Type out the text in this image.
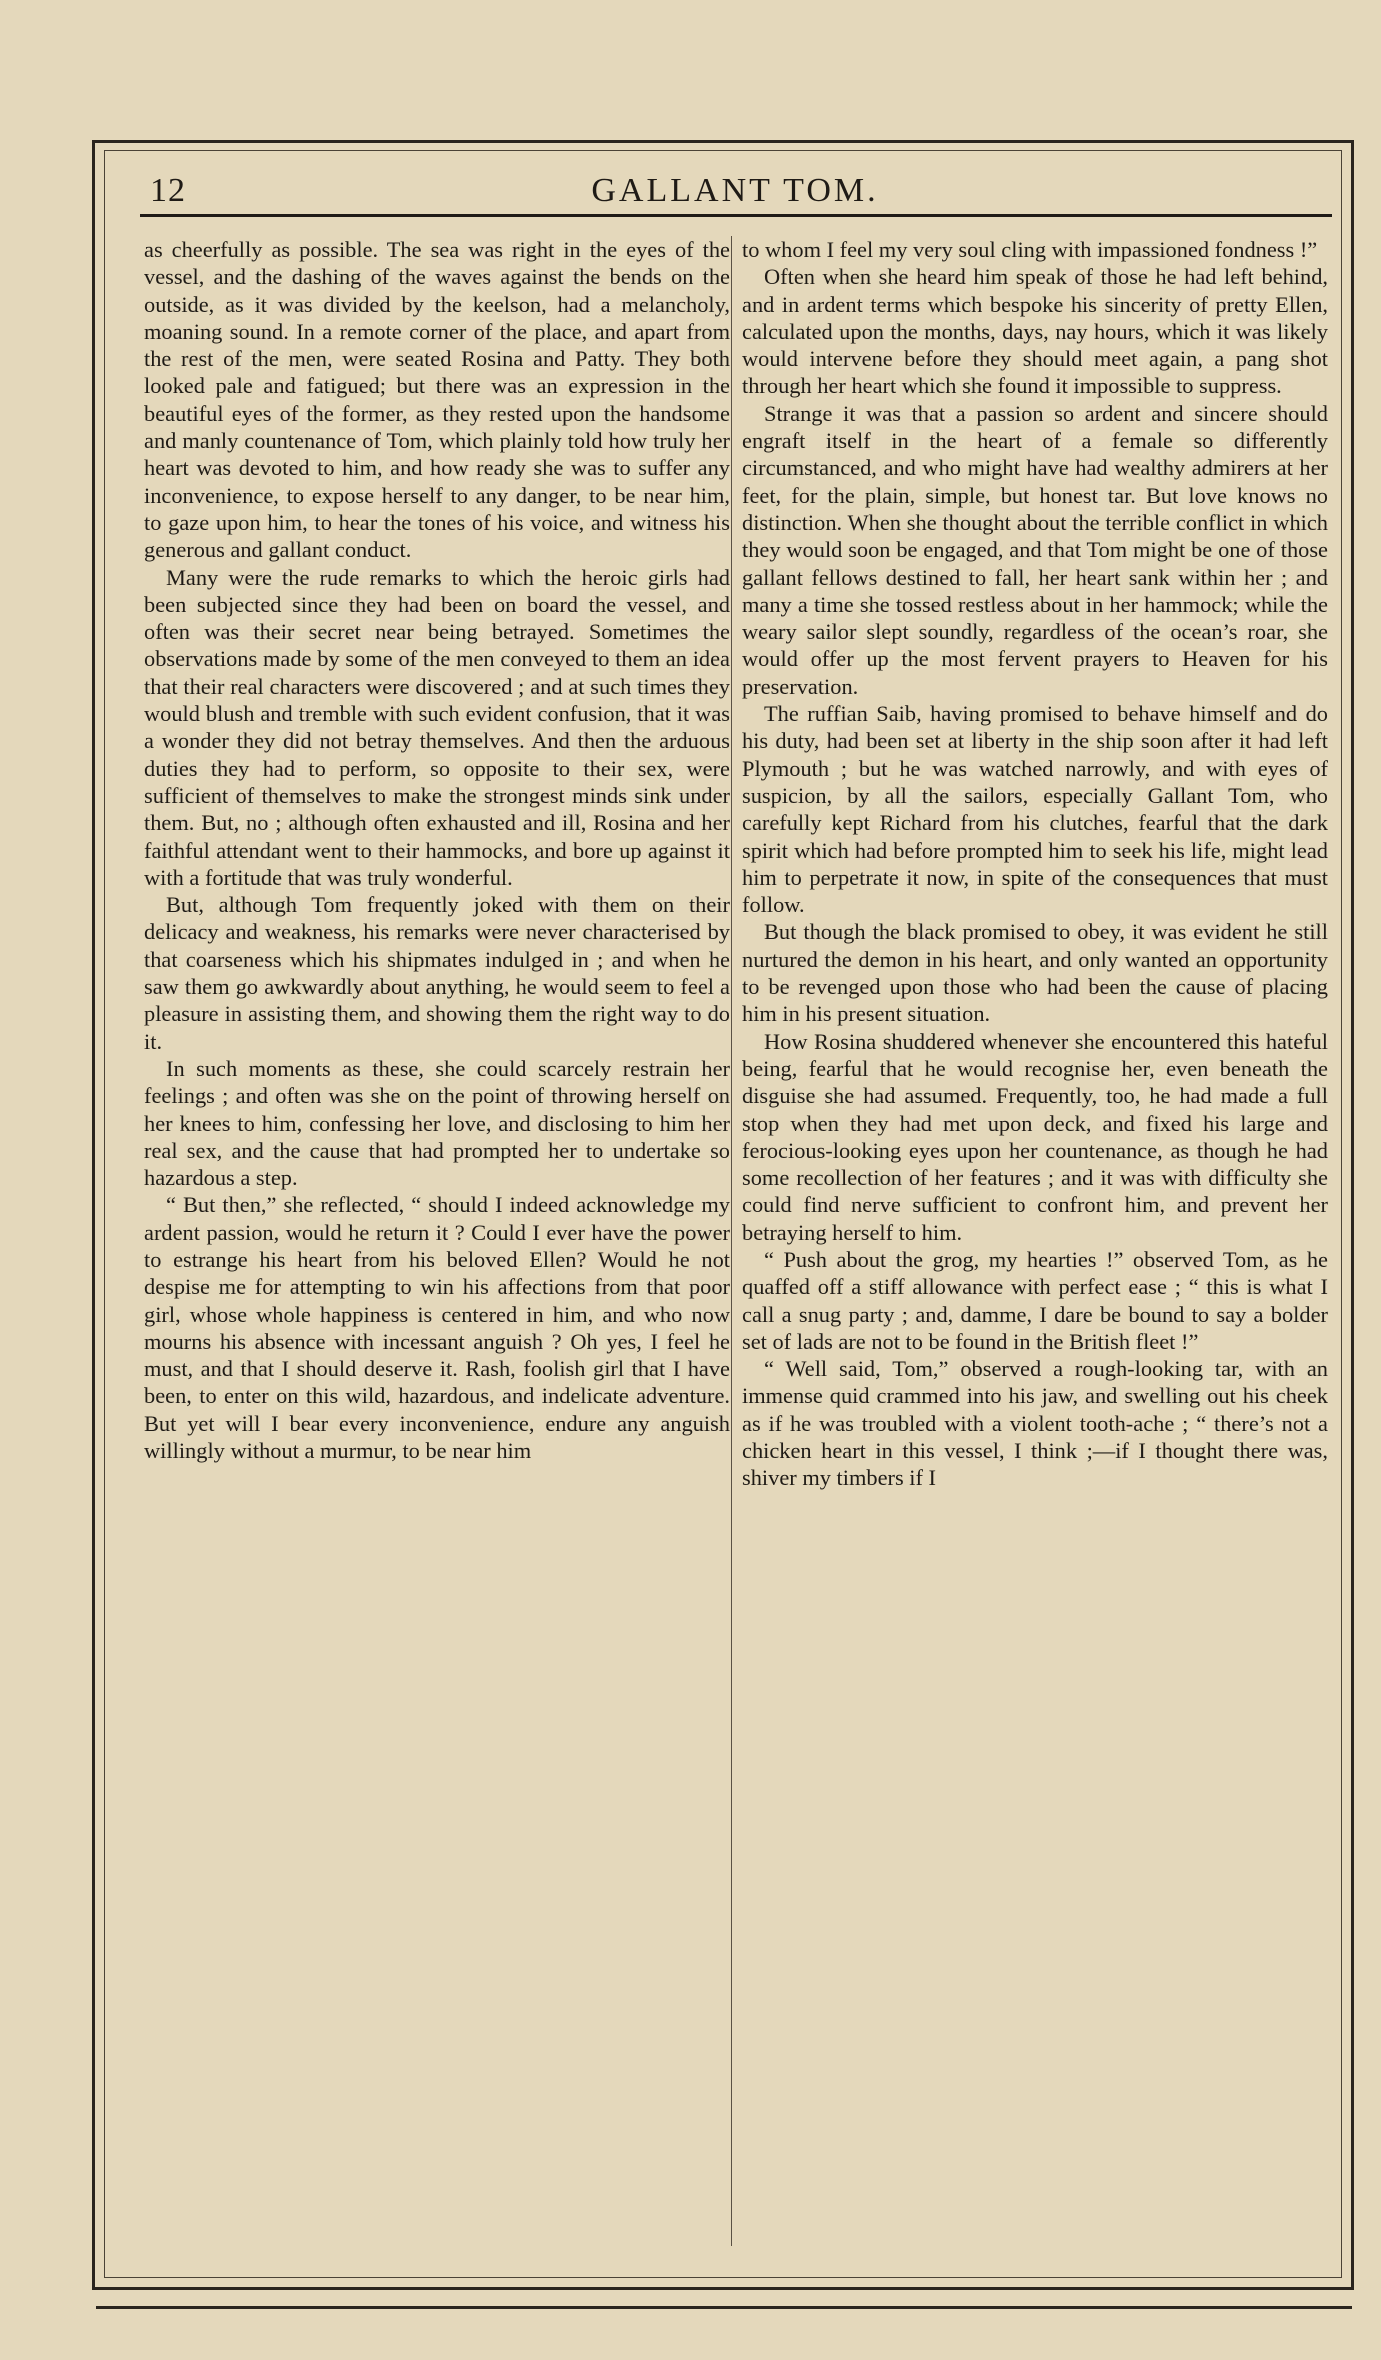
12	GALLANT TOM.

as cheerfully as possible. The sea was right in the eyes of the vessel, and the dashing of the waves against the bends on the outside, as it was divided by the keelson, had a melancholy, moaning sound. In a remote corner of the place, and apart from the rest of the men, were seated Rosina and Patty. They both looked pale and fatigued; but there was an expression in the beautiful eyes of the former, as they rested upon the handsome and manly countenance of Tom, which plainly told how truly her heart was devoted to him, and how ready she was to suffer any inconvenience, to expose herself to any danger, to be near him, to gaze upon him, to hear the tones of his voice, and witness his generous and gallant conduct.

Many were the rude remarks to which the heroic girls had been subjected since they had been on board the vessel, and often was their secret near being betrayed. Sometimes the observations made by some of the men conveyed to them an idea that their real characters were discovered ; and at such times they would blush and tremble with such evident confusion, that it was a wonder they did not betray themselves. And then the arduous duties they had to perform, so opposite to their sex, were sufficient of themselves to make the strongest minds sink under them. But, no ; although often exhausted and ill, Rosina and her faithful attendant went to their hammocks, and bore up against it with a fortitude that was truly wonderful.

But, although Tom frequently joked with them on their delicacy and weakness, his remarks were never characterised by that coarseness which his shipmates indulged in ; and when he saw them go awkwardly about anything, he would seem to feel a pleasure in assisting them, and showing them the right way to do it.

In such moments as these, she could scarcely restrain her feelings ; and often was she on the point of throwing herself on her knees to him, confessing her love, and disclosing to him her real sex, and the cause that had prompted her to undertake so hazardous a step.

“ But then,” she reflected, “ should I indeed acknowledge my ardent passion, would he return it ? Could I ever have the power to estrange his heart from his beloved Ellen? Would he not despise me for attempting to win his affections from that poor girl, whose whole happiness is centered in him, and who now mourns his absence with incessant anguish ? Oh yes, I feel he must, and that I should deserve it. Rash, foolish girl that I have been, to enter on this wild, hazardous, and indelicate adventure. But yet will I bear every inconvenience, endure any anguish willingly without a murmur, to be near him

to whom I feel my very soul cling with impassioned fondness !”

Often when she heard him speak of those he had left behind, and in ardent terms which bespoke his sincerity of pretty Ellen, calculated upon the months, days, nay hours, which it was likely would intervene before they should meet again, a pang shot through her heart which she found it impossible to suppress.

Strange it was that a passion so ardent and sincere should engraft itself in the heart of a female so differently circumstanced, and who might have had wealthy admirers at her feet, for the plain, simple, but honest tar. But love knows no distinction. When she thought about the terrible conflict in which they would soon be engaged, and that Tom might be one of those gallant fellows destined to fall, her heart sank within her ; and many a time she tossed restless about in her hammock; while the weary sailor slept soundly, regardless of the ocean’s roar, she would offer up the most fervent prayers to Heaven for his preservation.

The ruffian Saib, having promised to behave himself and do his duty, had been set at liberty in the ship soon after it had left Plymouth ; but he was watched narrowly, and with eyes of suspicion, by all the sailors, especially Gallant Tom, who carefully kept Richard from his clutches, fearful that the dark spirit which had before prompted him to seek his life, might lead him to perpetrate it now, in spite of the consequences that must follow.

But though the black promised to obey, it was evident he still nurtured the demon in his heart, and only wanted an opportunity to be revenged upon those who had been the cause of placing him in his present situation.

How Rosina shuddered whenever she encountered this hateful being, fearful that he would recognise her, even beneath the disguise she had assumed. Frequently, too, he had made a full stop when they had met upon deck, and fixed his large and ferocious-looking eyes upon her countenance, as though he had some recollection of her features ; and it was with difficulty she could find nerve sufficient to confront him, and prevent her betraying herself to him.

“ Push about the grog, my hearties !” observed Tom, as he quaffed off a stiff allowance with perfect ease ; “ this is what I call a snug party ; and, damme, I dare be bound to say a bolder set of lads are not to be found in the British fleet !”

“ Well said, Tom,” observed a rough-looking tar, with an immense quid crammed into his jaw, and swelling out his cheek as if he was troubled with a violent tooth-ache ; “ there’s not a chicken heart in this vessel, I think ;—if I thought there was, shiver my timbers if I
